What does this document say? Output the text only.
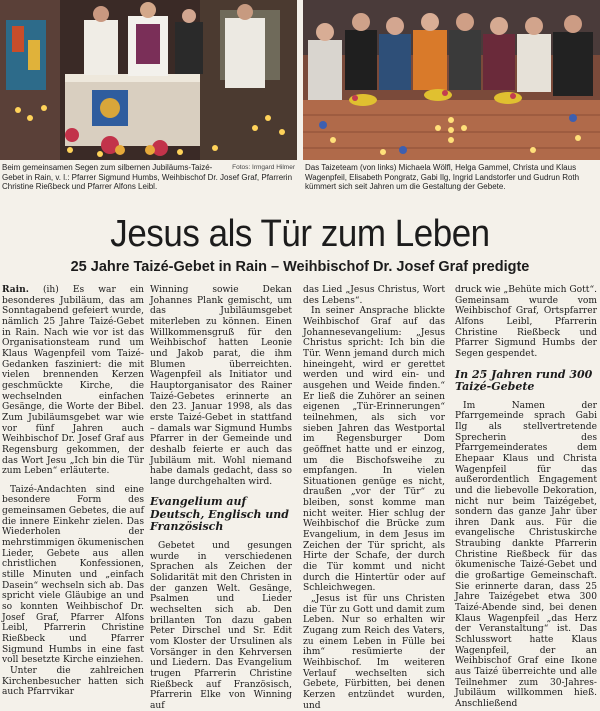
Fotos: Irmgard Hilmer
Beim gemeinsamen Segen zum silbernen Jubiläums-Taizé-Gebet in Rain, v. l.: Pfarrer Sigmund Humbs, Weihbischof Dr. Josef Graf, Pfarrerin Christine Rießbeck und Pfarrer Alfons Leibl.
Das Taizeteam (von links) Michaela Wölfl, Helga Gammel, Christa und Klaus Wagenpfeil, Elisabeth Pongratz, Gabi Ilg, Ingrid Landstorfer und Gudrun Roth kümmert sich seit Jahren um die Gestaltung der Gebete.
Jesus als Tür zum Leben
25 Jahre Taizé-Gebet in Rain – Weihbischof Dr. Josef Graf predigte

Rain. (ih) Es war ein besonderes Jubiläum, das am Sonntagabend gefeiert wurde, nämlich 25 Jahre Taizé-Gebet in Rain. Nach wie vor ist das Organisationsteam rund um Klaus Wagenpfeil vom Taizé-Gedanken fasziniert: die mit vielen brennenden Kerzen geschmückte Kirche, die wechselnden einfachen Gesänge, die Worte der Bibel. Zum Jubiläumsgebet war wie vor fünf Jahren auch Weihbischof Dr. Josef Graf aus Regensburg gekommen, der das Wort Jesu „Ich bin die Tür zum Leben“ erläuterte.

Taizé-Andachten sind eine besondere Form des gemeinsamen Gebetes, die auf die innere Einkehr zielen. Das Wiederholen der mehrstimmigen ökumenischen Lieder, Gebete aus allen christlichen Konfessionen, stille Minuten und „einfach Dasein“ wechseln sich ab. Das spricht viele Gläubige an und so konnten Weihbischof Dr. Josef Graf, Pfarrer Alfons Leibl, Pfarrerin Christine Rießbeck und Pfarrer Sigmund Humbs in eine fast voll besetzte Kirche einziehen.

Unter die zahlreichen Kirchenbesucher hatten sich auch Pfarrvikar

Winning sowie Dekan Johannes Plank gemischt, um das Jubiläumsgebet miterleben zu können. Einen Willkommensgruß für den Weihbischof hatten Leonie und Jakob parat, die ihm Blumen überreichten. Wagenpfeil als Initiator und Hauptorganisator des Rainer Taizé-Gebetes erinnerte an den 23. Januar 1998, als das erste Taizé-Gebet in stattfand – damals war Sigmund Humbs Pfarrer in der Gemeinde und deshalb feierte er auch das Jubiläum mit. Wohl niemand habe damals gedacht, dass so lange durchgehalten wird.

Evangelium auf Deutsch, Englisch und Französisch

Gebetet und gesungen wurde in verschiedenen Sprachen als Zeichen der Solidarität mit den Christen in der ganzen Welt. Gesänge, Psalmen und Lieder wechselten sich ab. Den brillanten Ton dazu gaben Peter Dirschel und Sr. Edit vom Kloster der Ursulinen als Vorsänger in den Kehrversen und Liedern. Das Evangelium trugen Pfarrerin Christine Rießbeck auf Französisch, Pfarrerin Elke von Winning auf

das Lied „Jesus Christus, Wort des Lebens“.

In seiner Ansprache blickte Weihbischof Graf auf das Johannesevangelium: „Jesus Christus spricht: Ich bin die Tür. Wenn jemand durch mich hineingeht, wird er gerettet werden und wird ein- und ausgehen und Weide finden.“ Er ließ die Zuhörer an seinen eigenen „Tür-Erinnerungen“ teilnehmen, als sich vor sieben Jahren das Westportal im Regensburger Dom geöffnet hatte und er einzog, um die Bischofsweihe zu empfangen. In vielen Situationen genüge es nicht, draußen „vor der Tür“ zu bleiben, sonst komme man nicht weiter. Hier schlug der Weihbischof die Brücke zum Evangelium, in dem Jesus im Zeichen der Tür spricht, als Hirte der Schafe, der durch die Tür kommt und nicht durch die Hintertür oder auf Schleichwegen.

„Jesus ist für uns Christen die Tür zu Gott und damit zum Leben. Nur so erhalten wir Zugang zum Reich des Vaters, zu einem Leben in Fülle bei ihm“ resümierte der Weihbischof. Im weiteren Verlauf wechselten sich Gebete, Fürbitten, bei denen Kerzen entzündet wurden, und

druck wie „Behüte mich Gott“. Gemeinsam wurde vom Weihbischof Graf, Ortspfarrer Alfons Leibl, Pfarrerin Christine Rießbeck und Pfarrer Sigmund Humbs der Segen gespendet.

In 25 Jahren rund 300 Taizé-Gebete

Im Namen der Pfarrgemeinde sprach Gabi Ilg als stellvertretende Sprecherin des Pfarrgemeinderates dem Ehepaar Klaus und Christa Wagenpfeil für das außerordentlich Engagement und die liebevolle Dekoration, nicht nur beim Taizégebet, sondern das ganze Jahr über ihren Dank aus. Für die evangelische Christuskirche Straubing dankte Pfarrerin Christine Rießbeck für das ökumenische Taizé-Gebet und die großartige Gemeinschaft. Sie erinnerte daran, dass 25 Jahre Taizégebet etwa 300 Taizé-Abende sind, bei denen Klaus Wagenpfeil „das Herz der Veranstaltung“ ist. Das Schlusswort hatte Klaus Wagenpfeil, der an Weihbischof Graf eine Ikone aus Taizé überreichte und alle Teilnehmer zum 30-Jahres-Jubiläum willkommen hieß. Anschließend
